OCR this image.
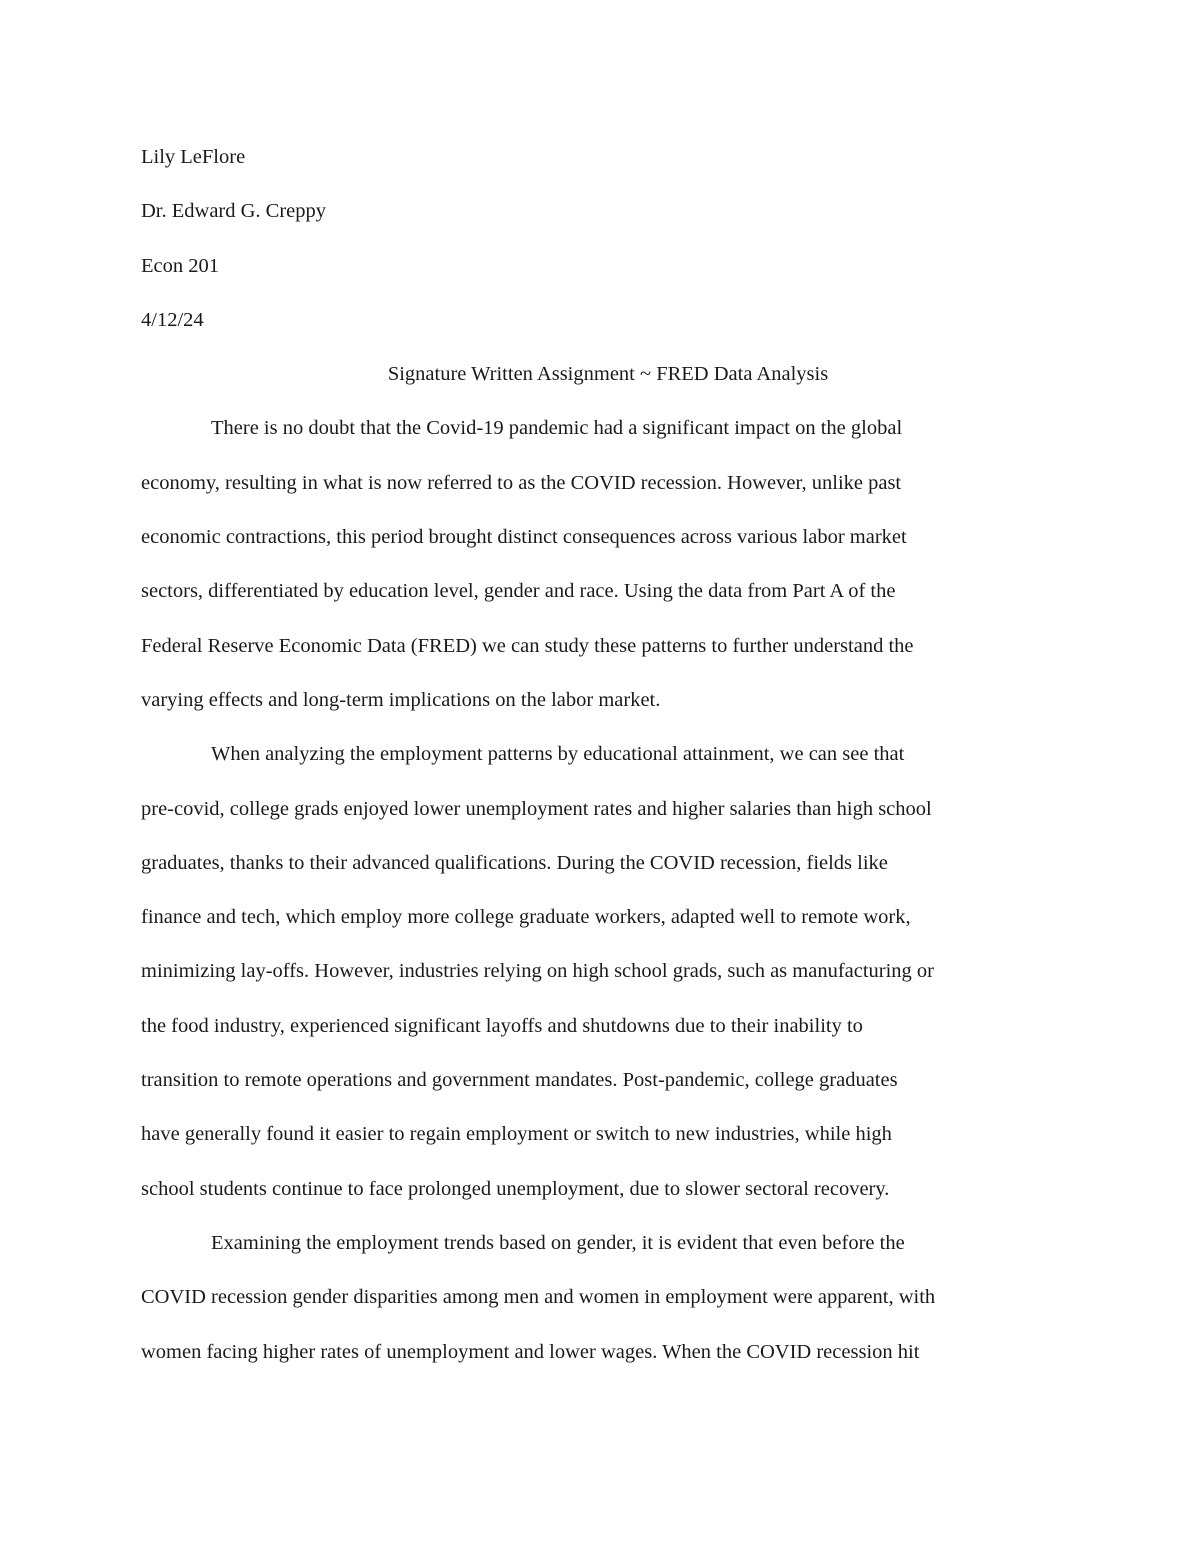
Lily LeFlore
Dr. Edward G. Creppy
Econ 201
4/12/24
Signature Written Assignment ~ FRED Data Analysis
There is no doubt that the Covid-19 pandemic had a significant impact on the global
economy, resulting in what is now referred to as the COVID recession. However, unlike past
economic contractions, this period brought distinct consequences across various labor market
sectors, differentiated by education level, gender and race. Using the data from Part A of the
Federal Reserve Economic Data (FRED) we can study these patterns to further understand the
varying effects and long-term implications on the labor market.
When analyzing the employment patterns by educational attainment, we can see that
pre-covid, college grads enjoyed lower unemployment rates and higher salaries than high school
graduates, thanks to their advanced qualifications. During the COVID recession, fields like
finance and tech, which employ more college graduate workers, adapted well to remote work,
minimizing lay-offs. However, industries relying on high school grads, such as manufacturing or
the food industry, experienced significant layoffs and shutdowns due to their inability to
transition to remote operations and government mandates. Post-pandemic, college graduates
have generally found it easier to regain employment or switch to new industries, while high
school students continue to face prolonged unemployment, due to slower sectoral recovery.
Examining the employment trends based on gender, it is evident that even before the
COVID recession gender disparities among men and women in employment were apparent, with
women facing higher rates of unemployment and lower wages. When the COVID recession hit
